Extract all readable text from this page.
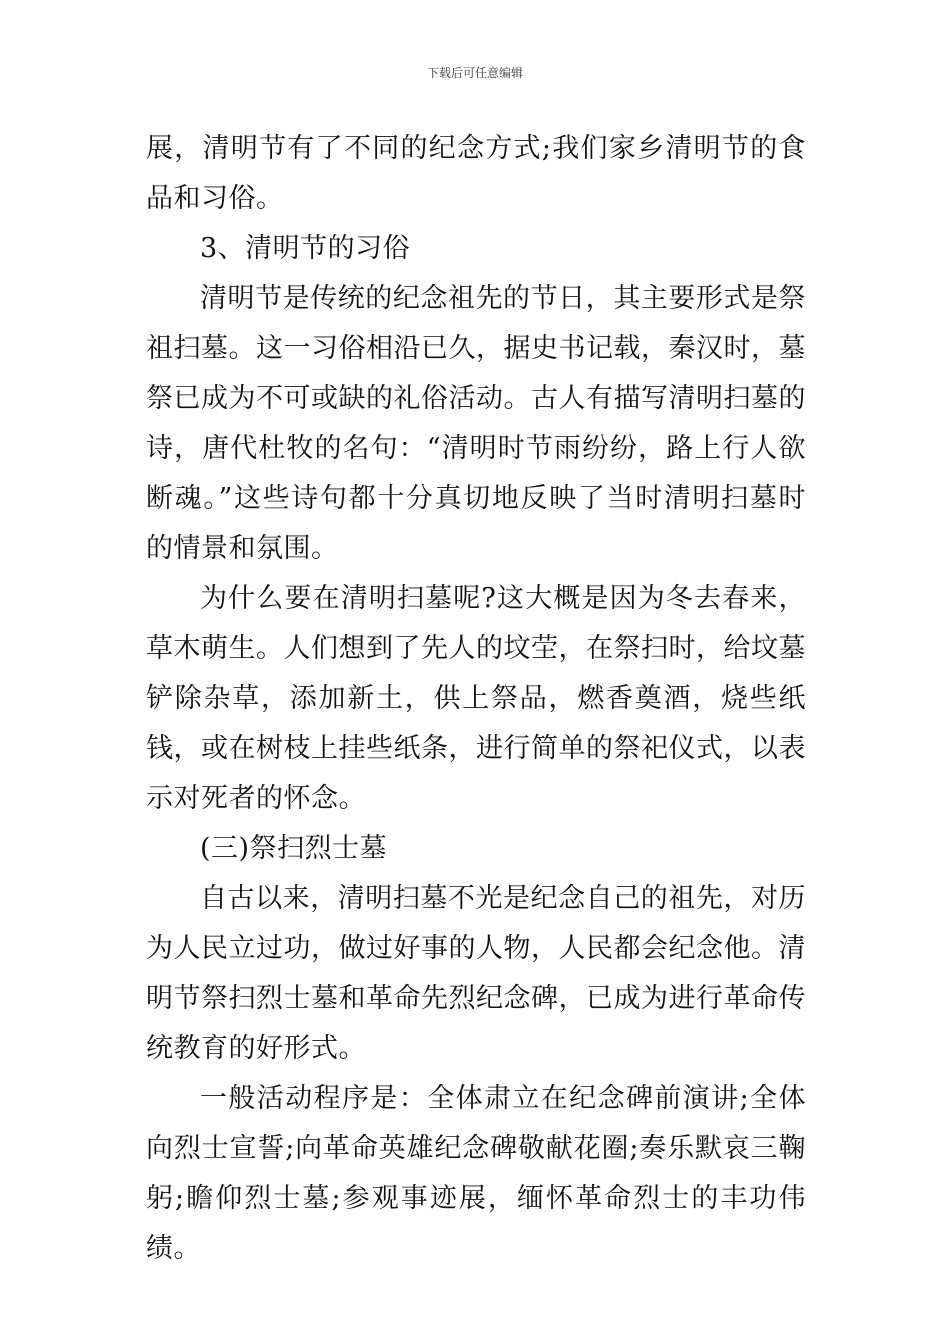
下载后可任意编辑

展，清明节有了不同的纪念方式;我们家乡清明节的食品和习俗。

3、清明节的习俗

清明节是传统的纪念祖先的节日，其主要形式是祭祖扫墓。这一习俗相沿已久，据史书记载，秦汉时，墓祭已成为不可或缺的礼俗活动。古人有描写清明扫墓的诗，唐代杜牧的名句：“清明时节雨纷纷，路上行人欲断魂。”这些诗句都十分真切地反映了当时清明扫墓时的情景和氛围。

为什么要在清明扫墓呢?这大概是因为冬去春来，草木萌生。人们想到了先人的坟茔，在祭扫时，给坟墓铲除杂草，添加新土，供上祭品，燃香奠酒，烧些纸钱，或在树枝上挂些纸条，进行简单的祭祀仪式，以表示对死者的怀念。

(三)祭扫烈士墓

自古以来，清明扫墓不光是纪念自己的祖先，对历为人民立过功，做过好事的人物，人民都会纪念他。清明节祭扫烈士墓和革命先烈纪念碑，已成为进行革命传统教育的好形式。

一般活动程序是：全体肃立在纪念碑前演讲;全体向烈士宣誓;向革命英雄纪念碑敬献花圈;奏乐默哀三鞠躬;瞻仰烈士墓;参观事迹展，缅怀革命烈士的丰功伟绩。
